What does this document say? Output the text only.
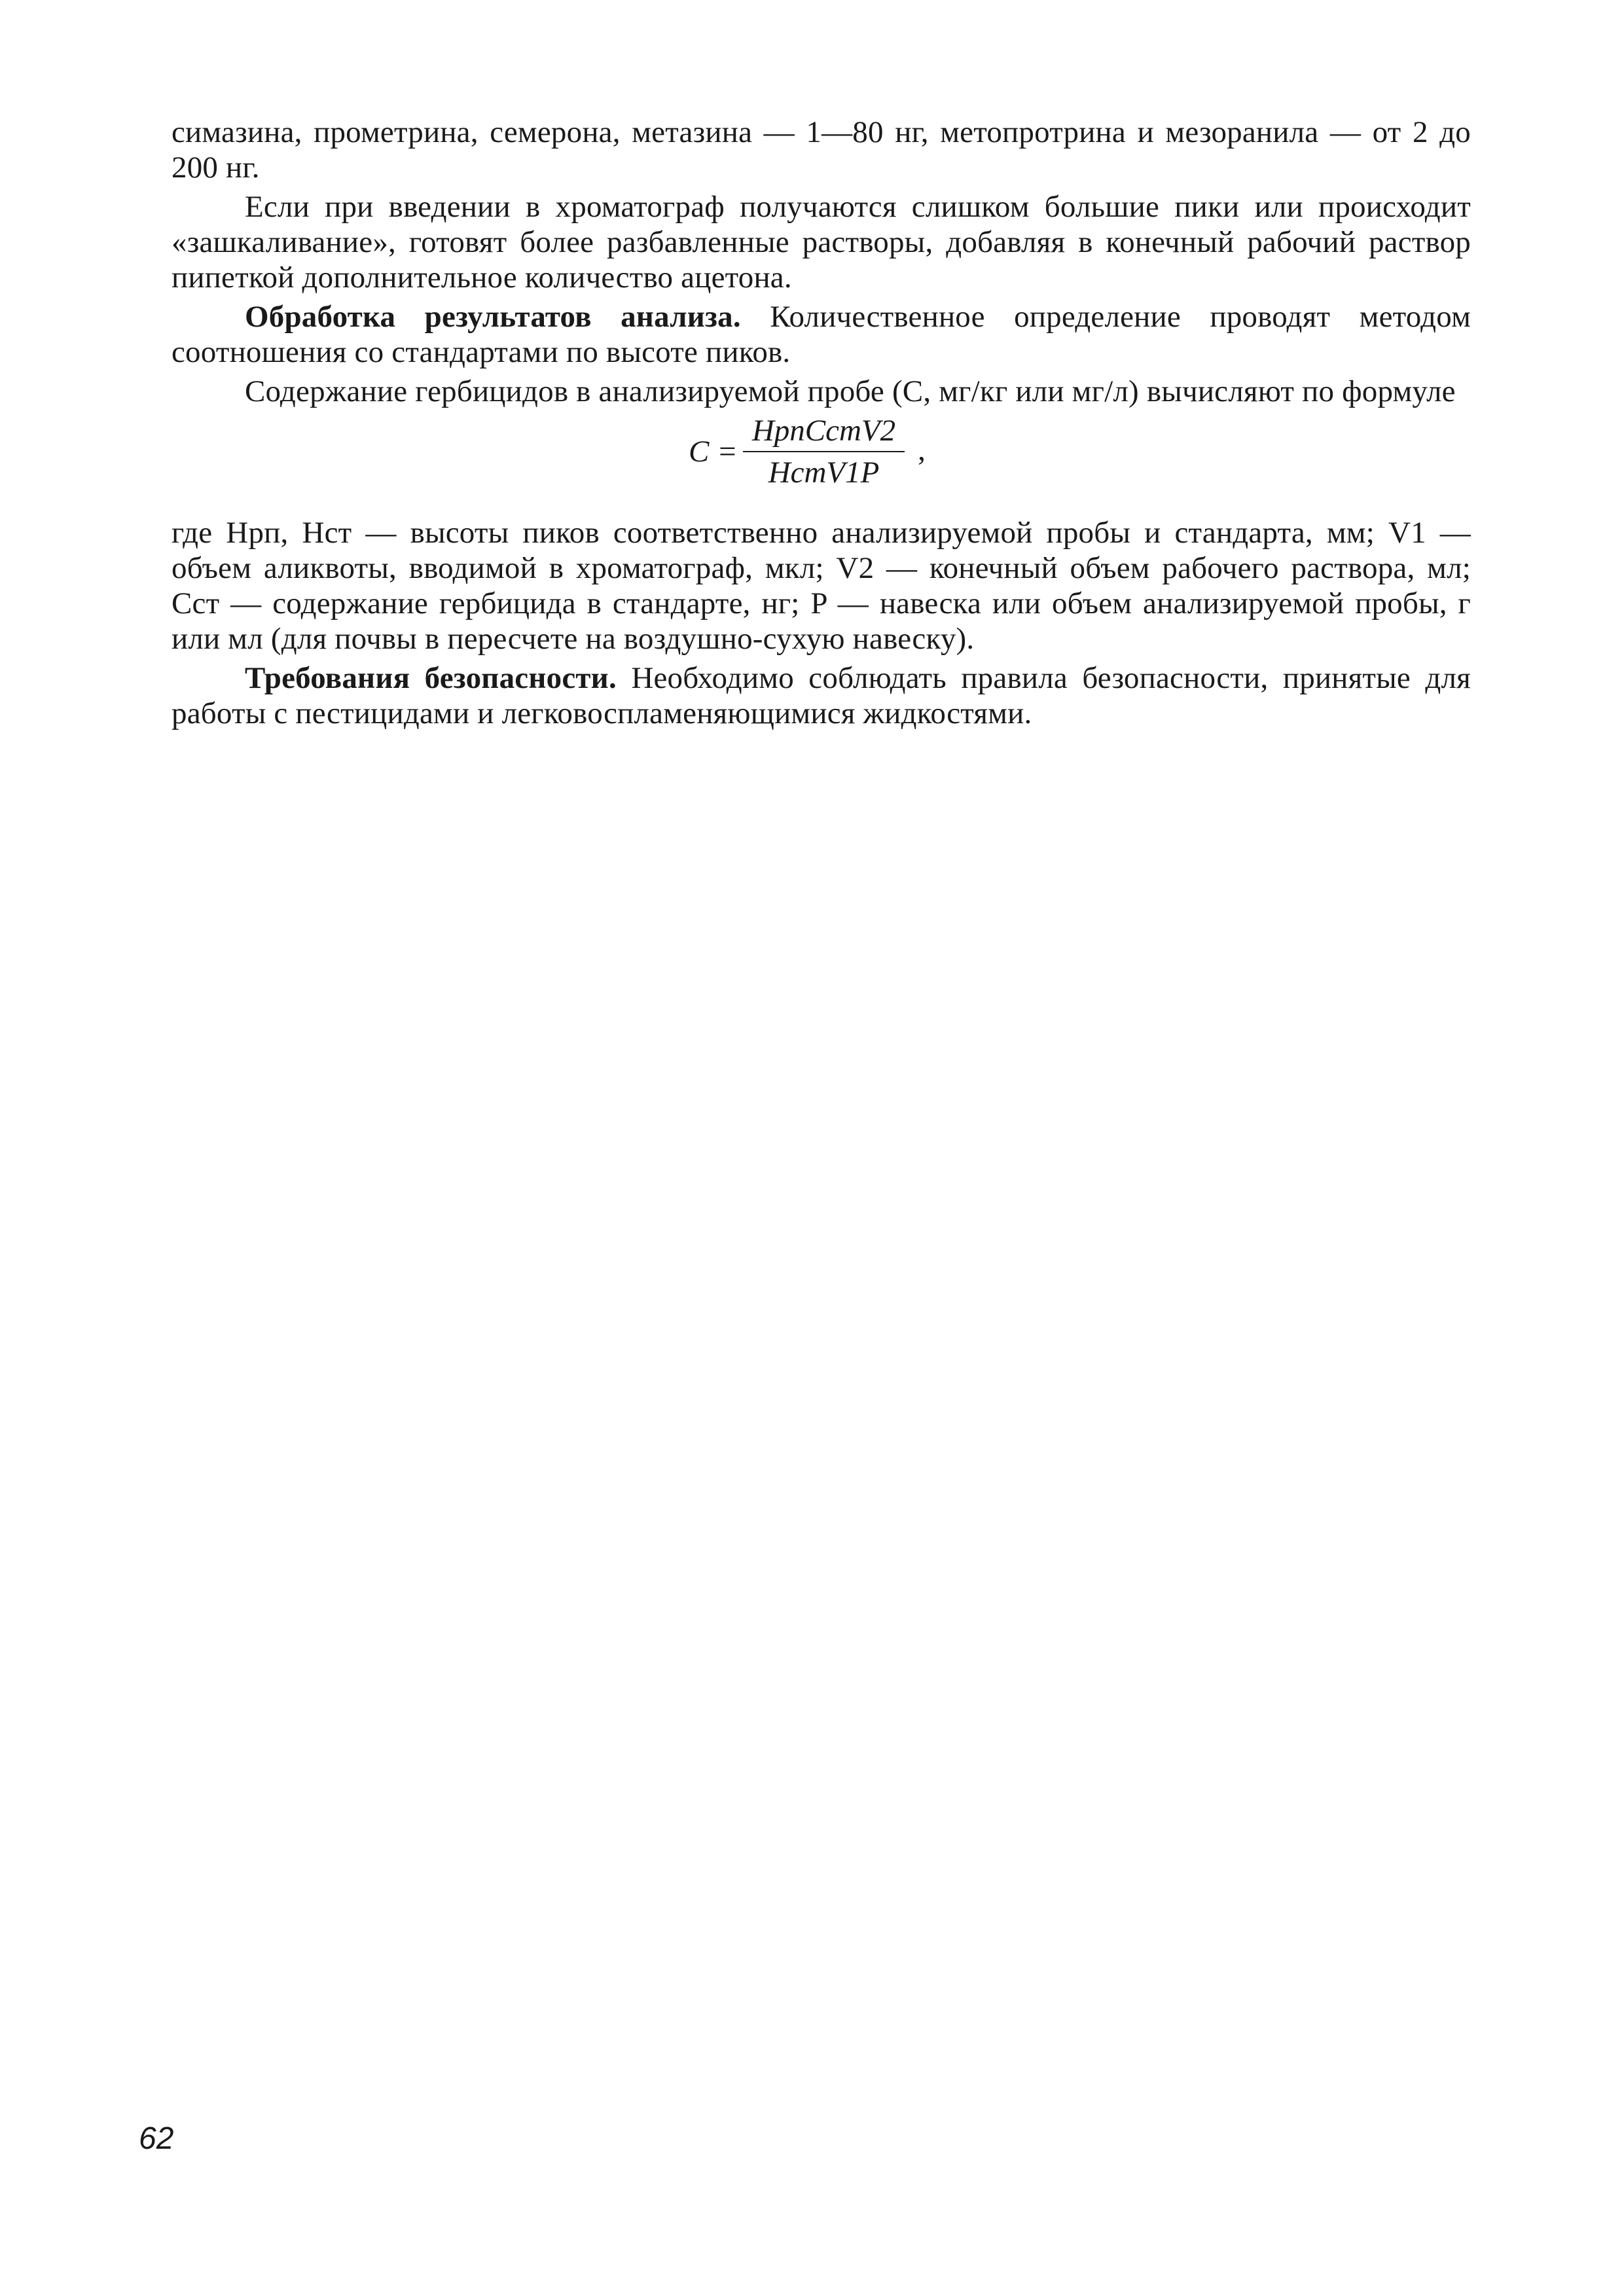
симазина, прометрина, семерона, метазина — 1—80 нг, метопротрина и мезоранила — от 2 до 200 нг.

Если при введении в хроматограф получаются слишком большие пики или происходит «зашкаливание», готовят более разбавленные растворы, добавляя в конечный рабочий раствор пипеткой дополнительное количество ацетона.

Обработка результатов анализа. Количественное определение проводят методом соотношения со стандартами по высоте пиков.

Содержание гербицидов в анализируемой пробе (C, мг/кг или мг/л) вычисляют по формуле

$C = \frac{\text{HрпCстV2}}{\text{HстV1P}}$ ,

где Hрп, Hст — высоты пиков соответственно анализируемой пробы и стандарта, мм; V1 — объем аликвоты, вводимой в хроматограф, мкл; V2 — конечный объем рабочего раствора, мл; Cст — содержание гербицида в стандарте, нг; P — навеска или объем анализируемой пробы, г или мл (для почвы в пересчете на воздушно-сухую навеску).

Требования безопасности. Необходимо соблюдать правила безопасности, принятые для работы с пестицидами и легковоспламеняющимися жидкостями.

62
